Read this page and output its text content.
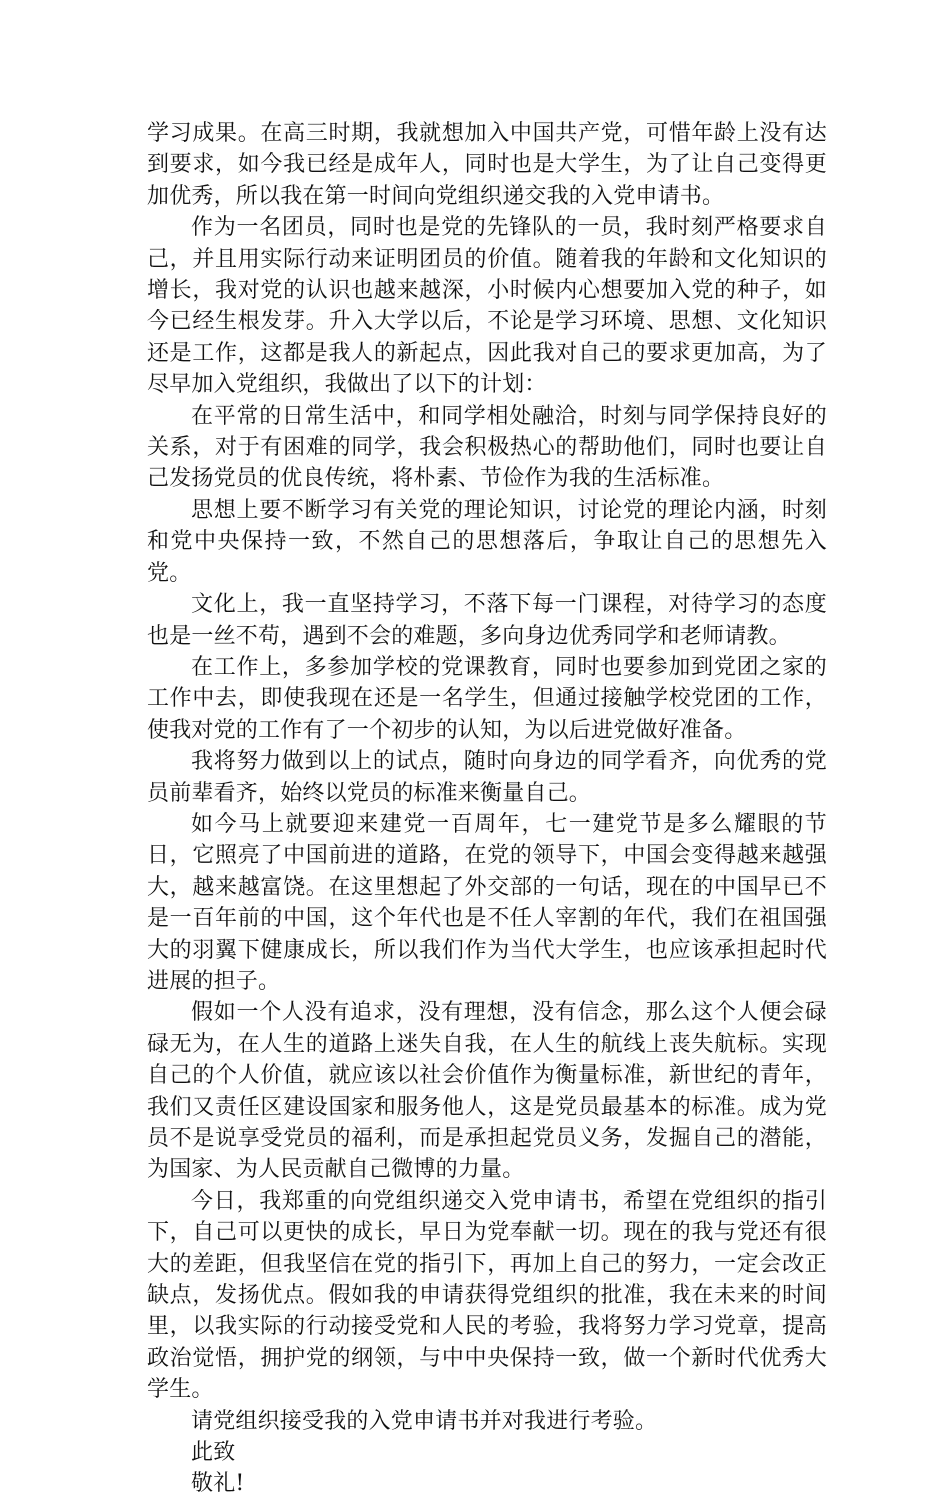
学习成果。在高三时期，我就想加入中国共产党，可惜年龄上没有达到要求，如今我已经是成年人，同时也是大学生，为了让自己变得更加优秀，所以我在第一时间向党组织递交我的入党申请书。

作为一名团员，同时也是党的先锋队的一员，我时刻严格要求自己，并且用实际行动来证明团员的价值。随着我的年龄和文化知识的增长，我对党的认识也越来越深，小时候内心想要加入党的种子，如今已经生根发芽。升入大学以后，不论是学习环境、思想、文化知识还是工作，这都是我人的新起点，因此我对自己的要求更加高，为了尽早加入党组织，我做出了以下的计划：

在平常的日常生活中，和同学相处融洽，时刻与同学保持良好的关系，对于有困难的同学，我会积极热心的帮助他们，同时也要让自己发扬党员的优良传统，将朴素、节俭作为我的生活标准。

思想上要不断学习有关党的理论知识，讨论党的理论内涵，时刻和党中央保持一致，不然自己的思想落后，争取让自己的思想先入党。

文化上，我一直坚持学习，不落下每一门课程，对待学习的态度也是一丝不苟，遇到不会的难题，多向身边优秀同学和老师请教。

在工作上，多参加学校的党课教育，同时也要参加到党团之家的工作中去，即使我现在还是一名学生，但通过接触学校党团的工作，使我对党的工作有了一个初步的认知，为以后进党做好准备。

我将努力做到以上的试点，随时向身边的同学看齐，向优秀的党员前辈看齐，始终以党员的标准来衡量自己。

如今马上就要迎来建党一百周年，七一建党节是多么耀眼的节日，它照亮了中国前进的道路，在党的领导下，中国会变得越来越强大，越来越富饶。在这里想起了外交部的一句话，现在的中国早已不是一百年前的中国，这个年代也是不任人宰割的年代，我们在祖国强大的羽翼下健康成长，所以我们作为当代大学生，也应该承担起时代进展的担子。

假如一个人没有追求，没有理想，没有信念，那么这个人便会碌碌无为，在人生的道路上迷失自我，在人生的航线上丧失航标。实现自己的个人价值，就应该以社会价值作为衡量标准，新世纪的青年，我们又责任区建设国家和服务他人，这是党员最基本的标准。成为党员不是说享受党员的福利，而是承担起党员义务，发掘自己的潜能，为国家、为人民贡献自己微博的力量。

今日，我郑重的向党组织递交入党申请书，希望在党组织的指引下，自己可以更快的成长，早日为党奉献一切。现在的我与党还有很大的差距，但我坚信在党的指引下，再加上自己的努力，一定会改正缺点，发扬优点。假如我的申请获得党组织的批准，我在未来的时间里，以我实际的行动接受党和人民的考验，我将努力学习党章，提高政治觉悟，拥护党的纲领，与中中央保持一致，做一个新时代优秀大学生。

请党组织接受我的入党申请书并对我进行考验。

此致

敬礼!
